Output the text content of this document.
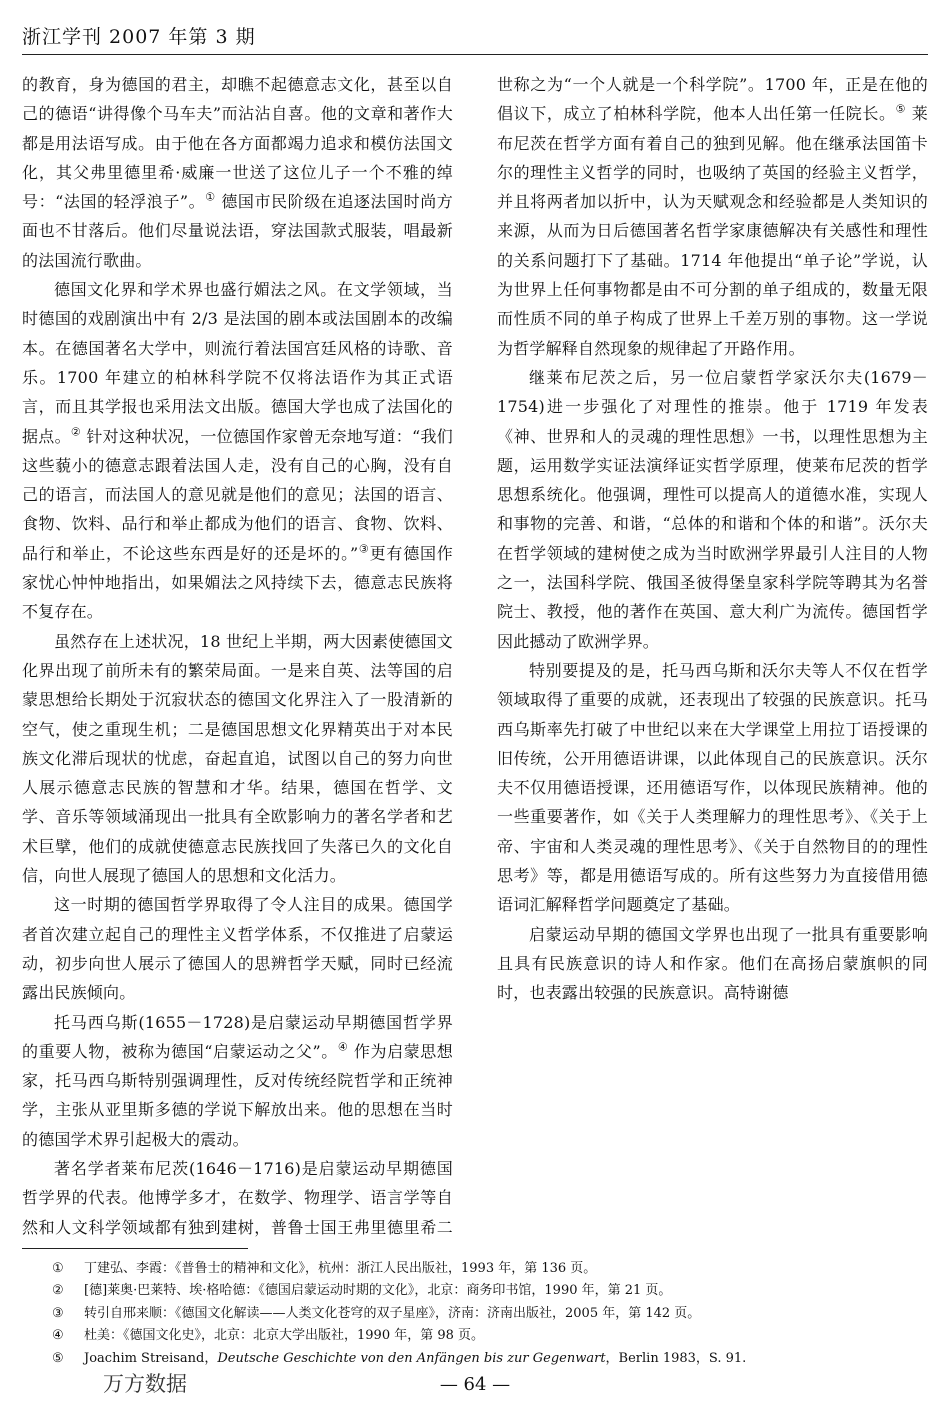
浙江学刊 2007 年第 3 期

的教育，身为德国的君主，却瞧不起德意志文化，甚至以自己的德语“讲得像个马车夫”而沾沾自喜。他的文章和著作大都是用法语写成。由于他在各方面都竭力追求和模仿法国文化，其父弗里德里希·威廉一世送了这位儿子一个不雅的绰号：“法国的轻浮浪子”。① 德国市民阶级在追逐法国时尚方面也不甘落后。他们尽量说法语，穿法国款式服装，唱最新的法国流行歌曲。

德国文化界和学术界也盛行媚法之风。在文学领域，当时德国的戏剧演出中有 2/3 是法国的剧本或法国剧本的改编本。在德国著名大学中，则流行着法国宫廷风格的诗歌、音乐。1700 年建立的柏林科学院不仅将法语作为其正式语言，而且其学报也采用法文出版。德国大学也成了法国化的据点。② 针对这种状况，一位德国作家曾无奈地写道：“我们这些藐小的德意志跟着法国人走，没有自己的心胸，没有自己的语言，而法国人的意见就是他们的意见；法国的语言、食物、饮料、品行和举止都成为他们的语言、食物、饮料、品行和举止，不论这些东西是好的还是坏的。”③更有德国作家忧心忡忡地指出，如果媚法之风持续下去，德意志民族将不复存在。

虽然存在上述状况，18 世纪上半期，两大因素使德国文化界出现了前所未有的繁荣局面。一是来自英、法等国的启蒙思想给长期处于沉寂状态的德国文化界注入了一股清新的空气，使之重现生机；二是德国思想文化界精英出于对本民族文化滞后现状的忧虑，奋起直追，试图以自己的努力向世人展示德意志民族的智慧和才华。结果，德国在哲学、文学、音乐等领域涌现出一批具有全欧影响力的著名学者和艺术巨擘，他们的成就使德意志民族找回了失落已久的文化自信，向世人展现了德国人的思想和文化活力。

这一时期的德国哲学界取得了令人注目的成果。德国学者首次建立起自己的理性主义哲学体系，不仅推进了启蒙运动，初步向世人展示了德国人的思辨哲学天赋，同时已经流露出民族倾向。

托马西乌斯(1655－1728)是启蒙运动早期德国哲学界的重要人物，被称为德国“启蒙运动之父”。④ 作为启蒙思想家，托马西乌斯特别强调理性，反对传统经院哲学和正统神学，主张从亚里斯多德的学说下解放出来。他的思想在当时的德国学术界引起极大的震动。

著名学者莱布尼茨(1646－1716)是启蒙运动早期德国哲学界的代表。他博学多才，在数学、物理学、语言学等自然和人文科学领域都有独到建树，普鲁士国王弗里德里希二世称之为“一个人就是一个科学院”。1700 年，正是在他的倡议下，成立了柏林科学院，他本人出任第一任院长。⑤ 莱布尼茨在哲学方面有着自己的独到见解。他在继承法国笛卡尔的理性主义哲学的同时，也吸纳了英国的经验主义哲学，并且将两者加以折中，认为天赋观念和经验都是人类知识的来源，从而为日后德国著名哲学家康德解决有关感性和理性的关系问题打下了基础。1714 年他提出“单子论”学说，认为世界上任何事物都是由不可分割的单子组成的，数量无限而性质不同的单子构成了世界上千差万别的事物。这一学说为哲学解释自然现象的规律起了开路作用。

继莱布尼茨之后，另一位启蒙哲学家沃尔夫(1679－1754)进一步强化了对理性的推崇。他于 1719 年发表《神、世界和人的灵魂的理性思想》一书，以理性思想为主题，运用数学实证法演绎证实哲学原理，使莱布尼茨的哲学思想系统化。他强调，理性可以提高人的道德水准，实现人和事物的完善、和谐，“总体的和谐和个体的和谐”。沃尔夫在哲学领域的建树使之成为当时欧洲学界最引人注目的人物之一，法国科学院、俄国圣彼得堡皇家科学院等聘其为名誉院士、教授，他的著作在英国、意大利广为流传。德国哲学因此撼动了欧洲学界。

特别要提及的是，托马西乌斯和沃尔夫等人不仅在哲学领域取得了重要的成就，还表现出了较强的民族意识。托马西乌斯率先打破了中世纪以来在大学课堂上用拉丁语授课的旧传统，公开用德语讲课，以此体现自己的民族意识。沃尔夫不仅用德语授课，还用德语写作，以体现民族精神。他的一些重要著作，如《关于人类理解力的理性思考》、《关于上帝、宇宙和人类灵魂的理性思考》、《关于自然物目的的理性思考》等，都是用德语写成的。所有这些努力为直接借用德语词汇解释哲学问题奠定了基础。

启蒙运动早期的德国文学界也出现了一批具有重要影响且具有民族意识的诗人和作家。他们在高扬启蒙旗帜的同时，也表露出较强的民族意识。高特谢德

① 丁建弘、李霞：《普鲁士的精神和文化》，杭州：浙江人民出版社，1993 年，第 136 页。
② [德]莱奥·巴莱特、埃·格哈德：《德国启蒙运动时期的文化》，北京：商务印书馆，1990 年，第 21 页。
③ 转引自邢来顺：《德国文化解读——人类文化苍穹的双子星座》，济南：济南出版社，2005 年，第 142 页。
④ 杜美：《德国文化史》，北京：北京大学出版社，1990 年，第 98 页。
⑤ Joachim Streisand，Deutsche Geschichte von den Anfängen bis zur Gegenwart，Berlin 1983，S. 91.
万方数据	— 64 —
